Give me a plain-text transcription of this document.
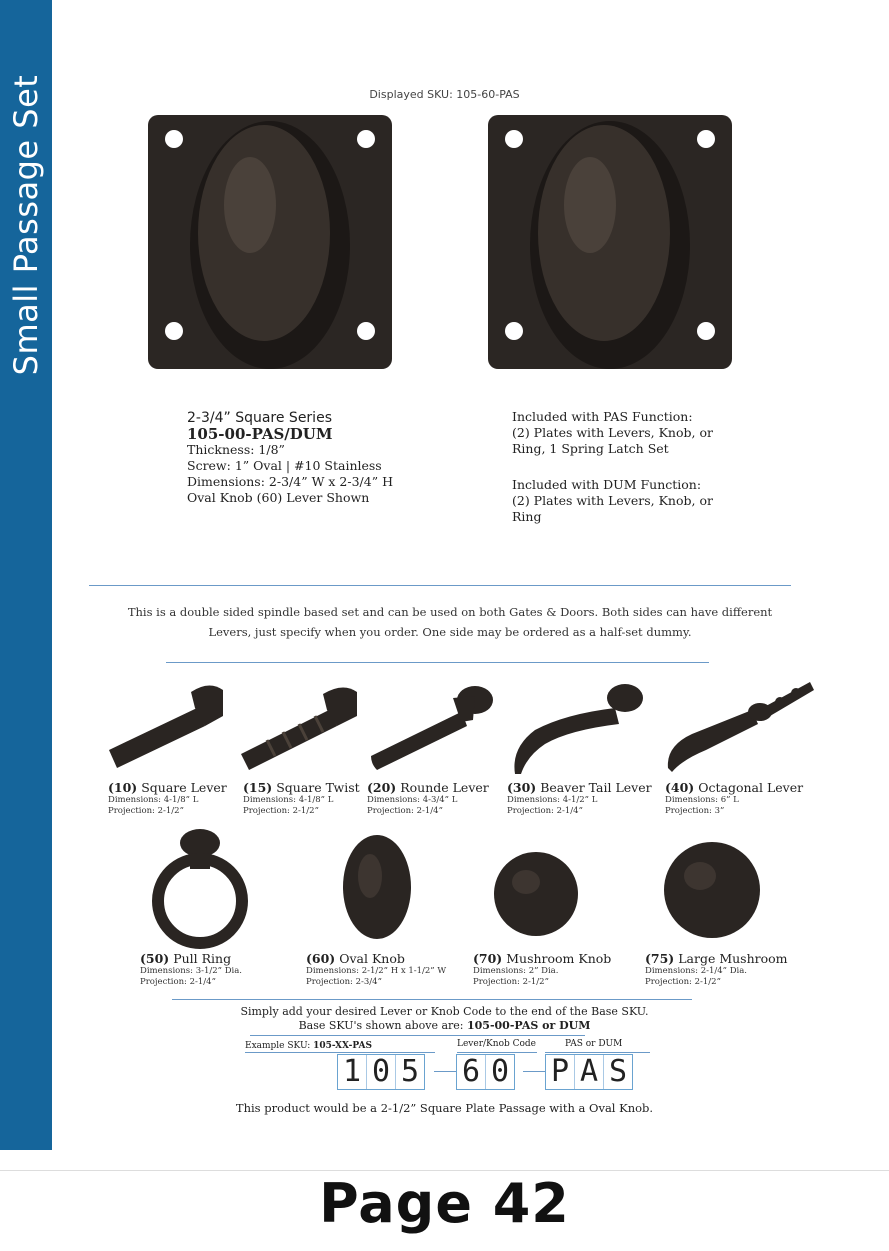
Small Passage Set	Displayed SKU: 105-60-PAS
2-3/4” Square Series
105-00-PAS/DUM
Thickness: 1/8”
Screw: 1” Oval | #10 Stainless
Dimensions: 2-3/4” W x 2-3/4” H
Oval Knob (60) Lever Shown
Included with PAS Function:
(2) Plates with Levers, Knob, or
Ring, 1 Spring Latch Set
Included with DUM Function:
(2) Plates with Levers, Knob, or
Ring
This is a double sided spindle based set and can be used on both Gates & Doors. Both sides can have different
Levers, just specify when you order. One side may be ordered as a half-set dummy.
(10) Square Lever
Dimensions: 4-1/8” L
Projection: 2-1/2”
(15) Square Twist
Dimensions: 4-1/8” L
Projection: 2-1/2”
(20) Rounde Lever
Dimensions: 4-3/4” L
Projection: 2-1/4”
(30) Beaver Tail Lever
Dimensions: 4-1/2” L
Projection: 2-1/4”
(40) Octagonal Lever
Dimensions: 6” L
Projection: 3”
(50) Pull Ring
Dimensions: 3-1/2” Dia.
Projection: 2-1/4”
(60) Oval Knob
Dimensions: 2-1/2” H x 1-1/2” W
Projection: 2-3/4”
(70) Mushroom Knob
Dimensions: 2” Dia.
Projection: 2-1/2”
(75) Large Mushroom
Dimensions: 2-1/4” Dia.
Projection: 2-1/2”
Simply add your desired Lever or Knob Code to the end of the Base SKU.
Base SKU's shown above are: 105-00-PAS or DUM
Example SKU: 105-XX-PAS	Lever/Knob Code	PAS or DUM
1 0 5 6 0 P A S
This product would be a 2-1/2” Square Plate Passage with a Oval Knob.
Page 42
